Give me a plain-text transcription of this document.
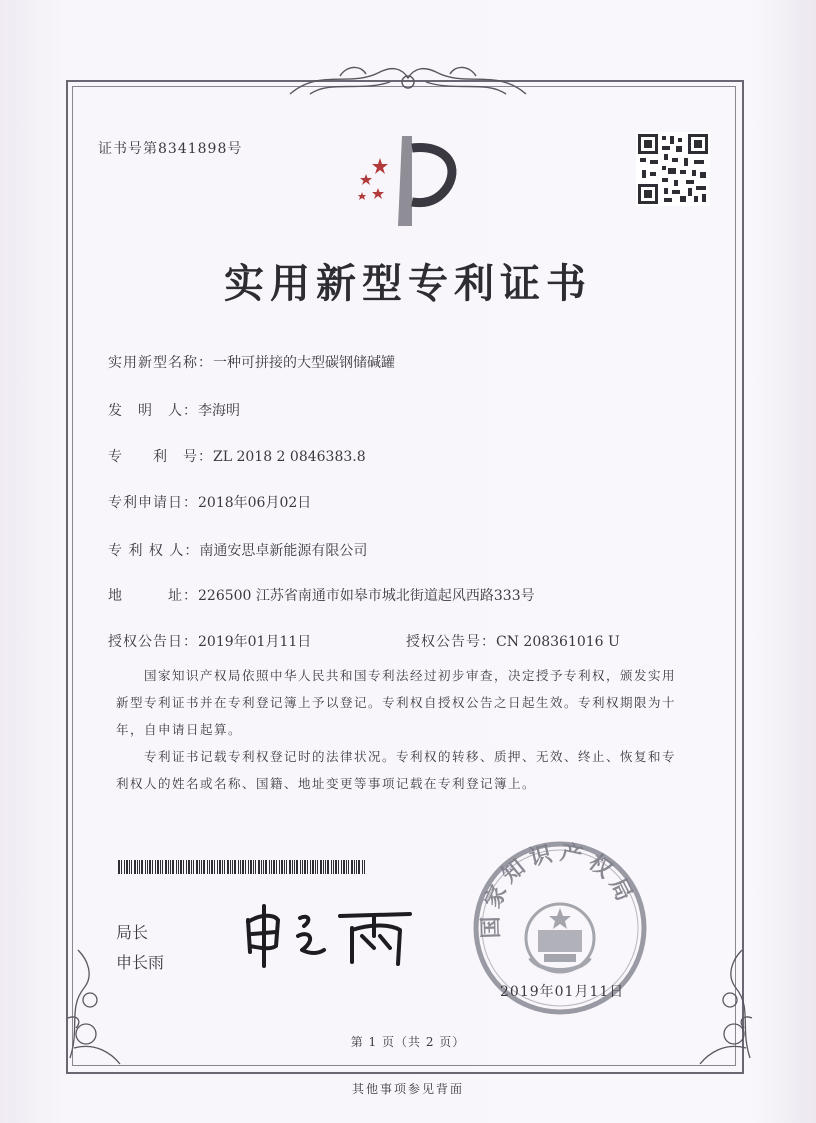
证书号第8341898号
实用新型专利证书
实用新型名称：一种可拼接的大型碳钢储碱罐
发　明　人：李海明
专　　利　号：ZL 2018 2 0846383.8
专利申请日：2018年06月02日
专 利 权 人：南通安思卓新能源有限公司
地　　　址：226500 江苏省南通市如皋市城北街道起风西路333号
授权公告日：2019年01月11日	授权公告号：CN 208361016 U
国家知识产权局依照中华人民共和国专利法经过初步审查，决定授予专利权，颁发实用
新型专利证书并在专利登记簿上予以登记。专利权自授权公告之日起生效。专利权期限为十
年，自申请日起算。
专利证书记载专利权登记时的法律状况。专利权的转移、质押、无效、终止、恢复和专
利权人的姓名或名称、国籍、地址变更等事项记载在专利登记簿上。
局长
申长雨
国家知识产权局
2019年01月11日
第 1 页（共 2 页）
其他事项参见背面
